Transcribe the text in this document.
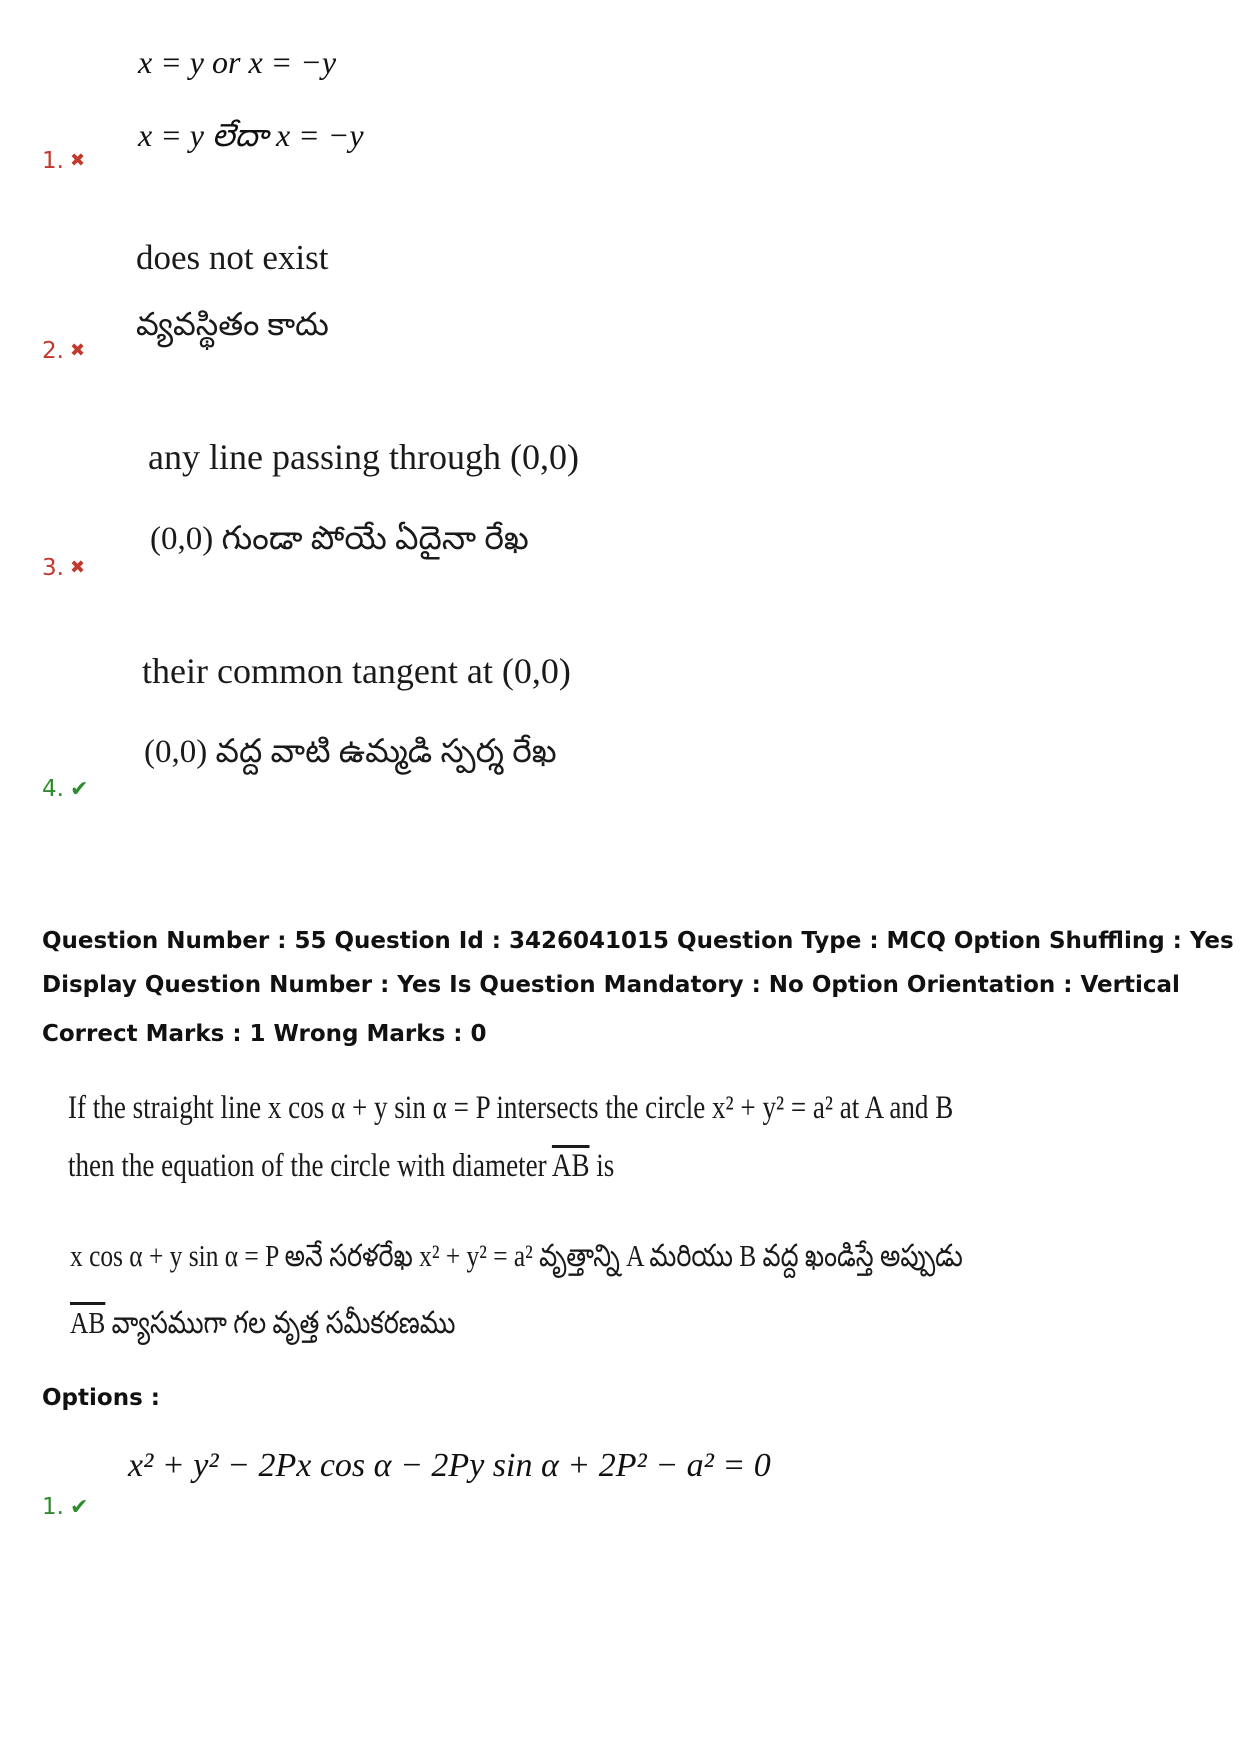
x = y or x = −y
x = y లేదా x = −y
1. ✖
does not exist
వ్యవస్థితం కాదు
2. ✖
any line passing through (0,0)
(0,0) గుండా పోయే ఏదైనా రేఖ
3. ✖
their common tangent at (0,0)
(0,0) వద్ద వాటి ఉమ్మడి స్పర్శ రేఖ
4. ✔
Question Number : 55 Question Id : 3426041015 Question Type : MCQ Option Shuffling : Yes
Display Question Number : Yes Is Question Mandatory : No Option Orientation : Vertical
Correct Marks : 1 Wrong Marks : 0
If the straight line x cos α + y sin α = P intersects the circle x² + y² = a² at A and B
then the equation of the circle with diameter $\overline{AB}$ is
x cos α + y sin α = P అనే సరళరేఖ x² + y² = a² వృత్తాన్ని A మరియు B వద్ద ఖండిస్తే అప్పుడు
$\overline{AB}$ వ్యాసముగా గల వృత్త సమీకరణము
Options :
x² + y² − 2Px cos α − 2Py sin α + 2P² − a² = 0
1. ✔
